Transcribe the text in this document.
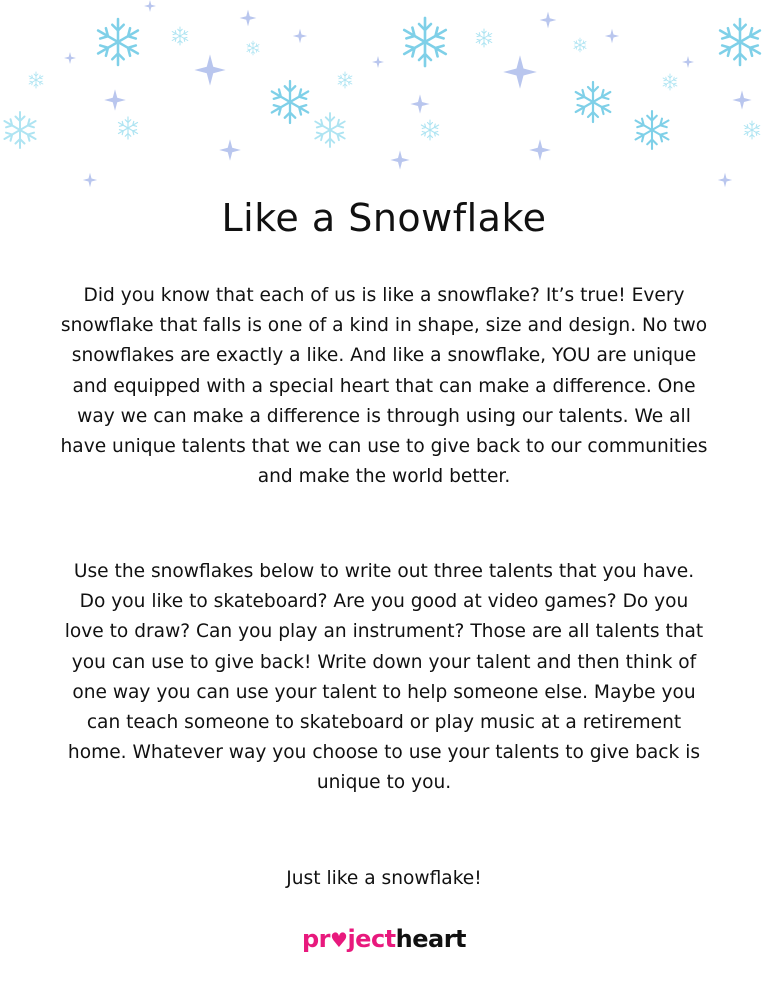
Like a Snowflake

Did you know that each of us is like a snowflake? It’s true! Every snowflake that falls is one of a kind in shape, size and design. No two snowflakes are exactly a like. And like a snowflake, YOU are unique and equipped with a special heart that can make a difference. One way we can make a difference is through using our talents. We all have unique talents that we can use to give back to our communities and make the world better.

Use the snowflakes below to write out three talents that you have. Do you like to skateboard? Are you good at video games? Do you love to draw? Can you play an instrument? Those are all talents that you can use to give back! Write down your talent and then think of one way you can use your talent to help someone else. Maybe you can teach someone to skateboard or play music at a retirement home. Whatever way you choose to use your talents to give back is unique to you.

Just like a snowflake!

pr♥jectheart
